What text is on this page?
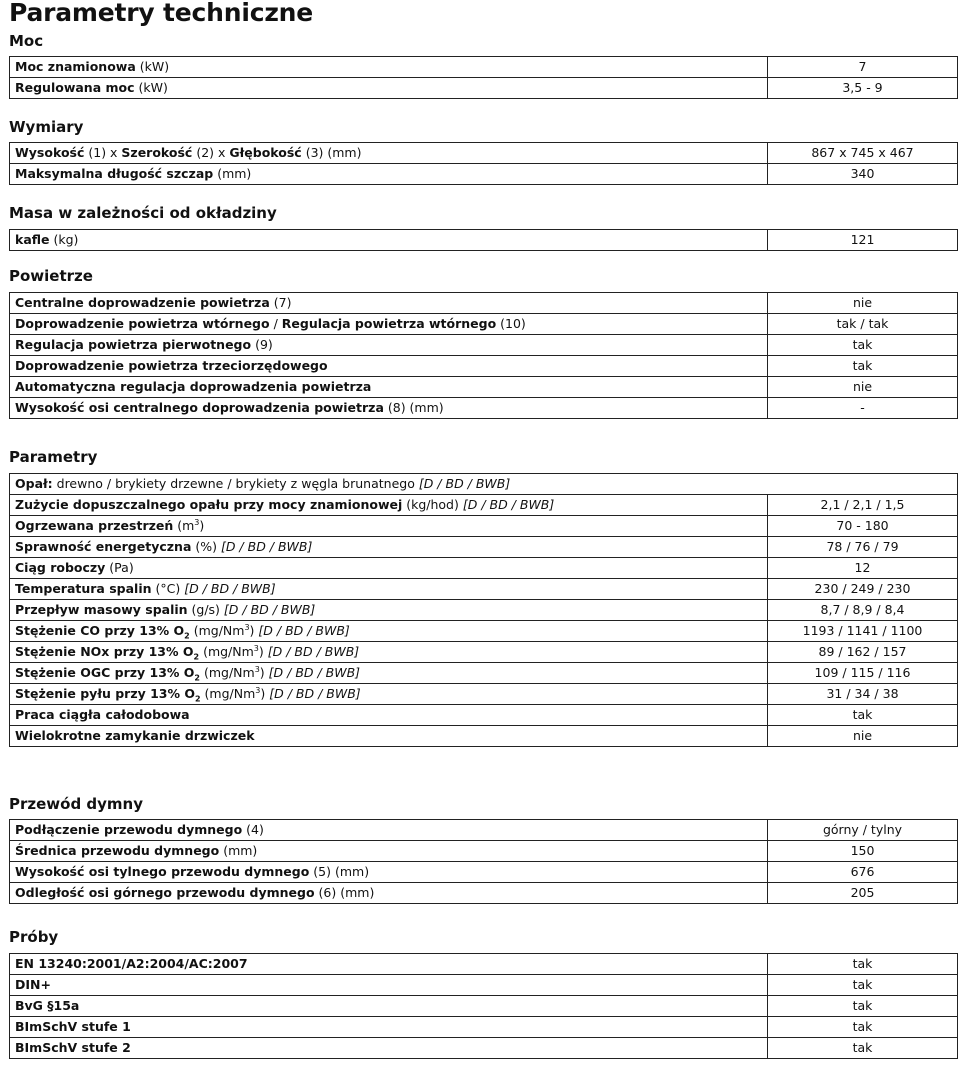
Parametry techniczne
Moc
Moc znamionowa (kW)	7
Regulowana moc (kW)	3,5 - 9
Wymiary
Wysokość (1) x Szerokość (2) x Głębokość (3) (mm)	867 x 745 x 467
Maksymalna długość szczap (mm)	340
Masa w zależności od okładziny
kafle (kg)	121
Powietrze
Centralne doprowadzenie powietrza (7)	nie
Doprowadzenie powietrza wtórnego / Regulacja powietrza wtórnego (10)	tak / tak
Regulacja powietrza pierwotnego (9)	tak
Doprowadzenie powietrza trzeciorzędowego	tak
Automatyczna regulacja doprowadzenia powietrza	nie
Wysokość osi centralnego doprowadzenia powietrza (8) (mm)	-
Parametry
Opał: drewno / brykiety drzewne / brykiety z węgla brunatnego [D / BD / BWB]	
Zużycie dopuszczalnego opału przy mocy znamionowej (kg/hod) [D / BD / BWB]	2,1 / 2,1 / 1,5
Ogrzewana przestrzeń $(m^3)$	70 - 180
Sprawność energetyczna (%) [D / BD / BWB]	78 / 76 / 79
Ciąg roboczy (Pa)	12
Temperatura spalin (°C) [D / BD / BWB]	230 / 249 / 230
Przepływ masowy spalin (g/s) [D / BD / BWB]	8,7 / 8,9 / 8,4
Stężenie CO przy 13% $O_2$ (mg/Nm$^3$) [D / BD / BWB]	1193 / 1141 / 1100
Stężenie NOx przy 13% $O_2$ (mg/Nm$^3$) [D / BD / BWB]	89 / 162 / 157
Stężenie OGC przy 13% $O_2$ (mg/Nm$^3$) [D / BD / BWB]	109 / 115 / 116
Stężenie pyłu przy 13% $O_2$ (mg/Nm$^3$) [D / BD / BWB]	31 / 34 / 38
Praca ciągła całodobowa	tak
Wielokrotne zamykanie drzwiczek	nie
Przewód dymny
Podłączenie przewodu dymnego (4)	górny / tylny
Średnica przewodu dymnego (mm)	150
Wysokość osi tylnego przewodu dymnego (5) (mm)	676
Odległość osi górnego przewodu dymnego (6) (mm)	205
Próby
EN 13240:2001/A2:2004/AC:2007	tak
DIN+	tak
BvG §15a	tak
BImSchV stufe 1	tak
BImSchV stufe 2	tak
